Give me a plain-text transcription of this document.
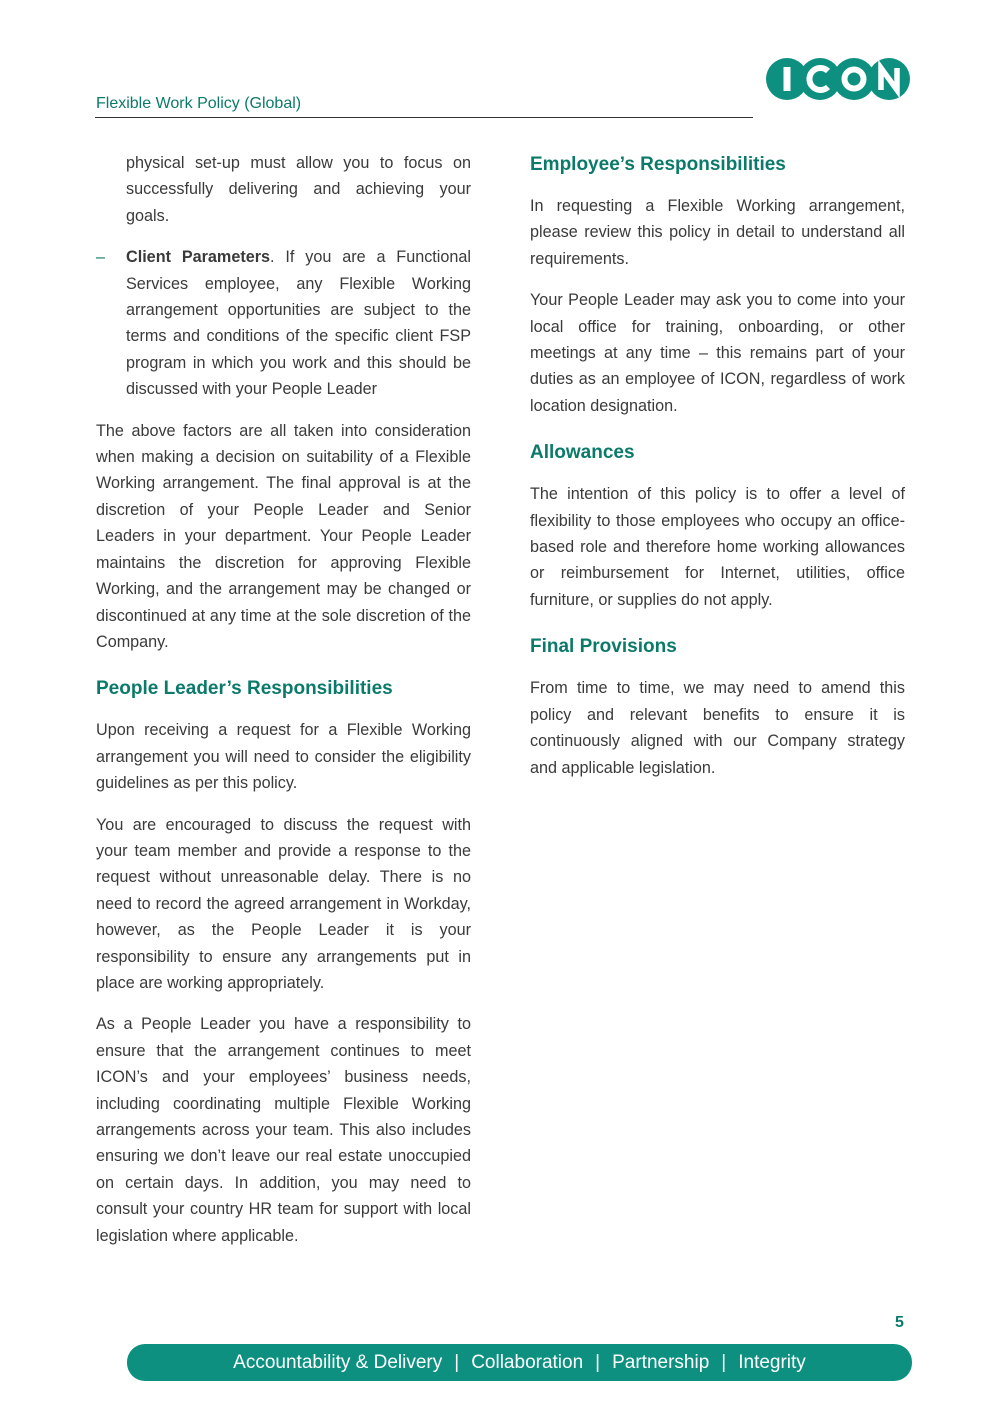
Flexible Work Policy (Global)

physical set-up must allow you to focus on successfully delivering and achieving your goals.

– Client Parameters. If you are a Functional Services employee, any Flexible Working arrangement opportunities are subject to the terms and conditions of the specific client FSP program in which you work and this should be discussed with your People Leader

The above factors are all taken into consideration when making a decision on suitability of a Flexible Working arrangement. The final approval is at the discretion of your People Leader and Senior Leaders in your department. Your People Leader maintains the discretion for approving Flexible Working, and the arrangement may be changed or discontinued at any time at the sole discretion of the Company.

People Leader’s Responsibilities

Upon receiving a request for a Flexible Working arrangement you will need to consider the eligibility guidelines as per this policy.

You are encouraged to discuss the request with your team member and provide a response to the request without unreasonable delay. There is no need to record the agreed arrangement in Workday, however, as the People Leader it is your responsibility to ensure any arrangements put in place are working appropriately.

As a People Leader you have a responsibility to ensure that the arrangement continues to meet ICON’s and your employees’ business needs, including coordinating multiple Flexible Working arrangements across your team. This also includes ensuring we don’t leave our real estate unoccupied on certain days. In addition, you may need to consult your country HR team for support with local legislation where applicable.

Employee’s Responsibilities

In requesting a Flexible Working arrangement, please review this policy in detail to understand all requirements.

Your People Leader may ask you to come into your local office for training, onboarding, or other meetings at any time – this remains part of your duties as an employee of ICON, regardless of work location designation.

Allowances

The intention of this policy is to offer a level of flexibility to those employees who occupy an office-based role and therefore home working allowances or reimbursement for Internet, utilities, office furniture, or supplies do not apply.

Final Provisions

From time to time, we may need to amend this policy and relevant benefits to ensure it is continuously aligned with our Company strategy and applicable legislation.

5
Accountability & Delivery | Collaboration | Partnership | Integrity
